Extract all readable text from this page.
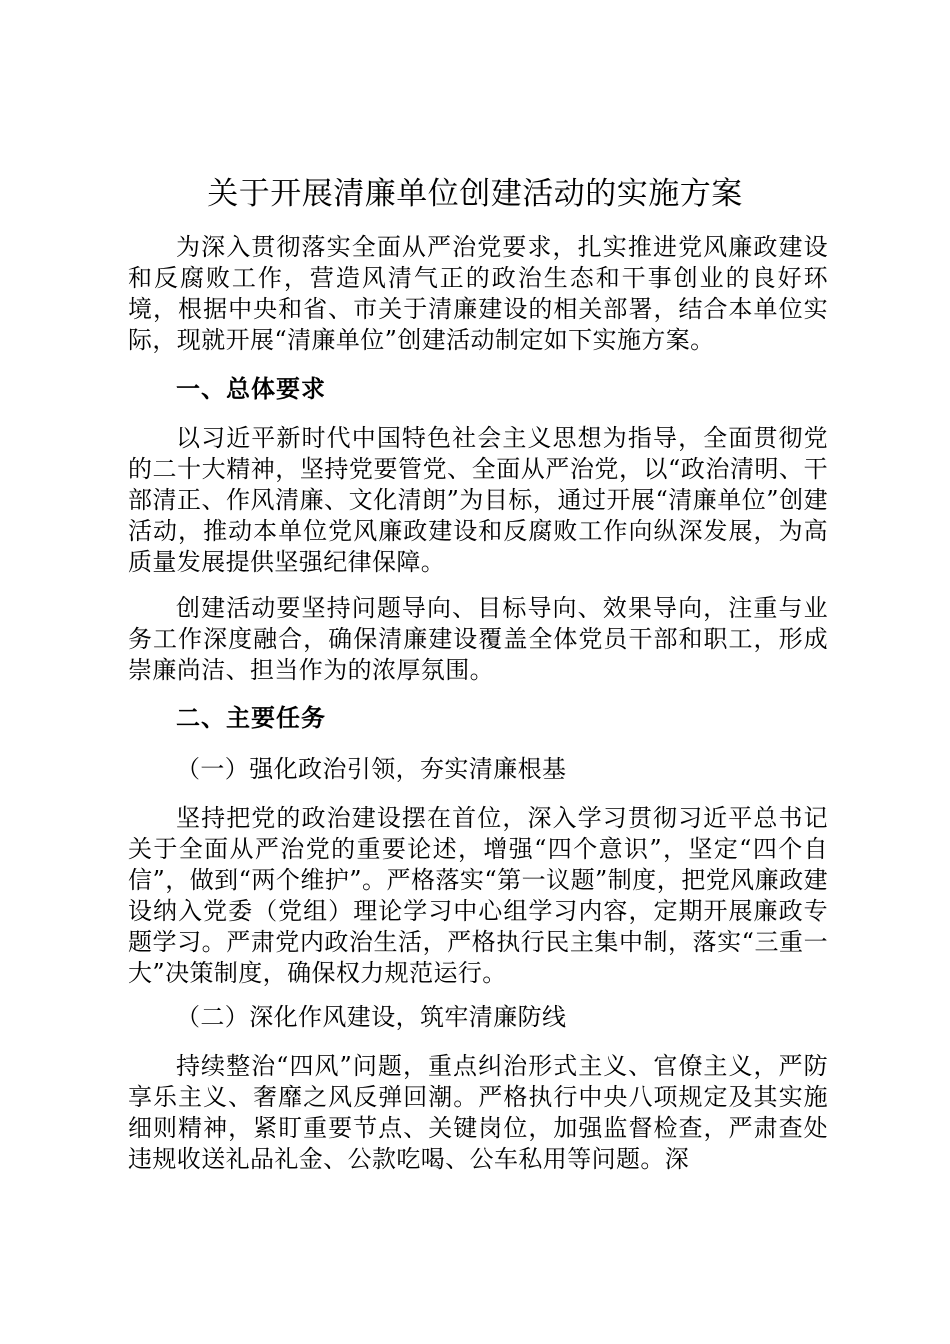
关于开展清廉单位创建活动的实施方案

为深入贯彻落实全面从严治党要求，扎实推进党风廉政建设和反腐败工作，营造风清气正的政治生态和干事创业的良好环境，根据中央和省、市关于清廉建设的相关部署，结合本单位实际，现就开展“清廉单位”创建活动制定如下实施方案。

一、总体要求

以习近平新时代中国特色社会主义思想为指导，全面贯彻党的二十大精神，坚持党要管党、全面从严治党，以“政治清明、干部清正、作风清廉、文化清朗”为目标，通过开展“清廉单位”创建活动，推动本单位党风廉政建设和反腐败工作向纵深发展，为高质量发展提供坚强纪律保障。

创建活动要坚持问题导向、目标导向、效果导向，注重与业务工作深度融合，确保清廉建设覆盖全体党员干部和职工，形成崇廉尚洁、担当作为的浓厚氛围。

二、主要任务
（一）强化政治引领，夯实清廉根基

坚持把党的政治建设摆在首位，深入学习贯彻习近平总书记关于全面从严治党的重要论述，增强“四个意识”，坚定“四个自信”，做到“两个维护”。严格落实“第一议题”制度，把党风廉政建设纳入党委（党组）理论学习中心组学习内容，定期开展廉政专题学习。严肃党内政治生活，严格执行民主集中制，落实“三重一大”决策制度，确保权力规范运行。

（二）深化作风建设，筑牢清廉防线

持续整治“四风”问题，重点纠治形式主义、官僚主义，严防享乐主义、奢靡之风反弹回潮。严格执行中央八项规定及其实施细则精神，紧盯重要节点、关键岗位，加强监督检查，严肃查处违规收送礼品礼金、公款吃喝、公车私用等问题。深
